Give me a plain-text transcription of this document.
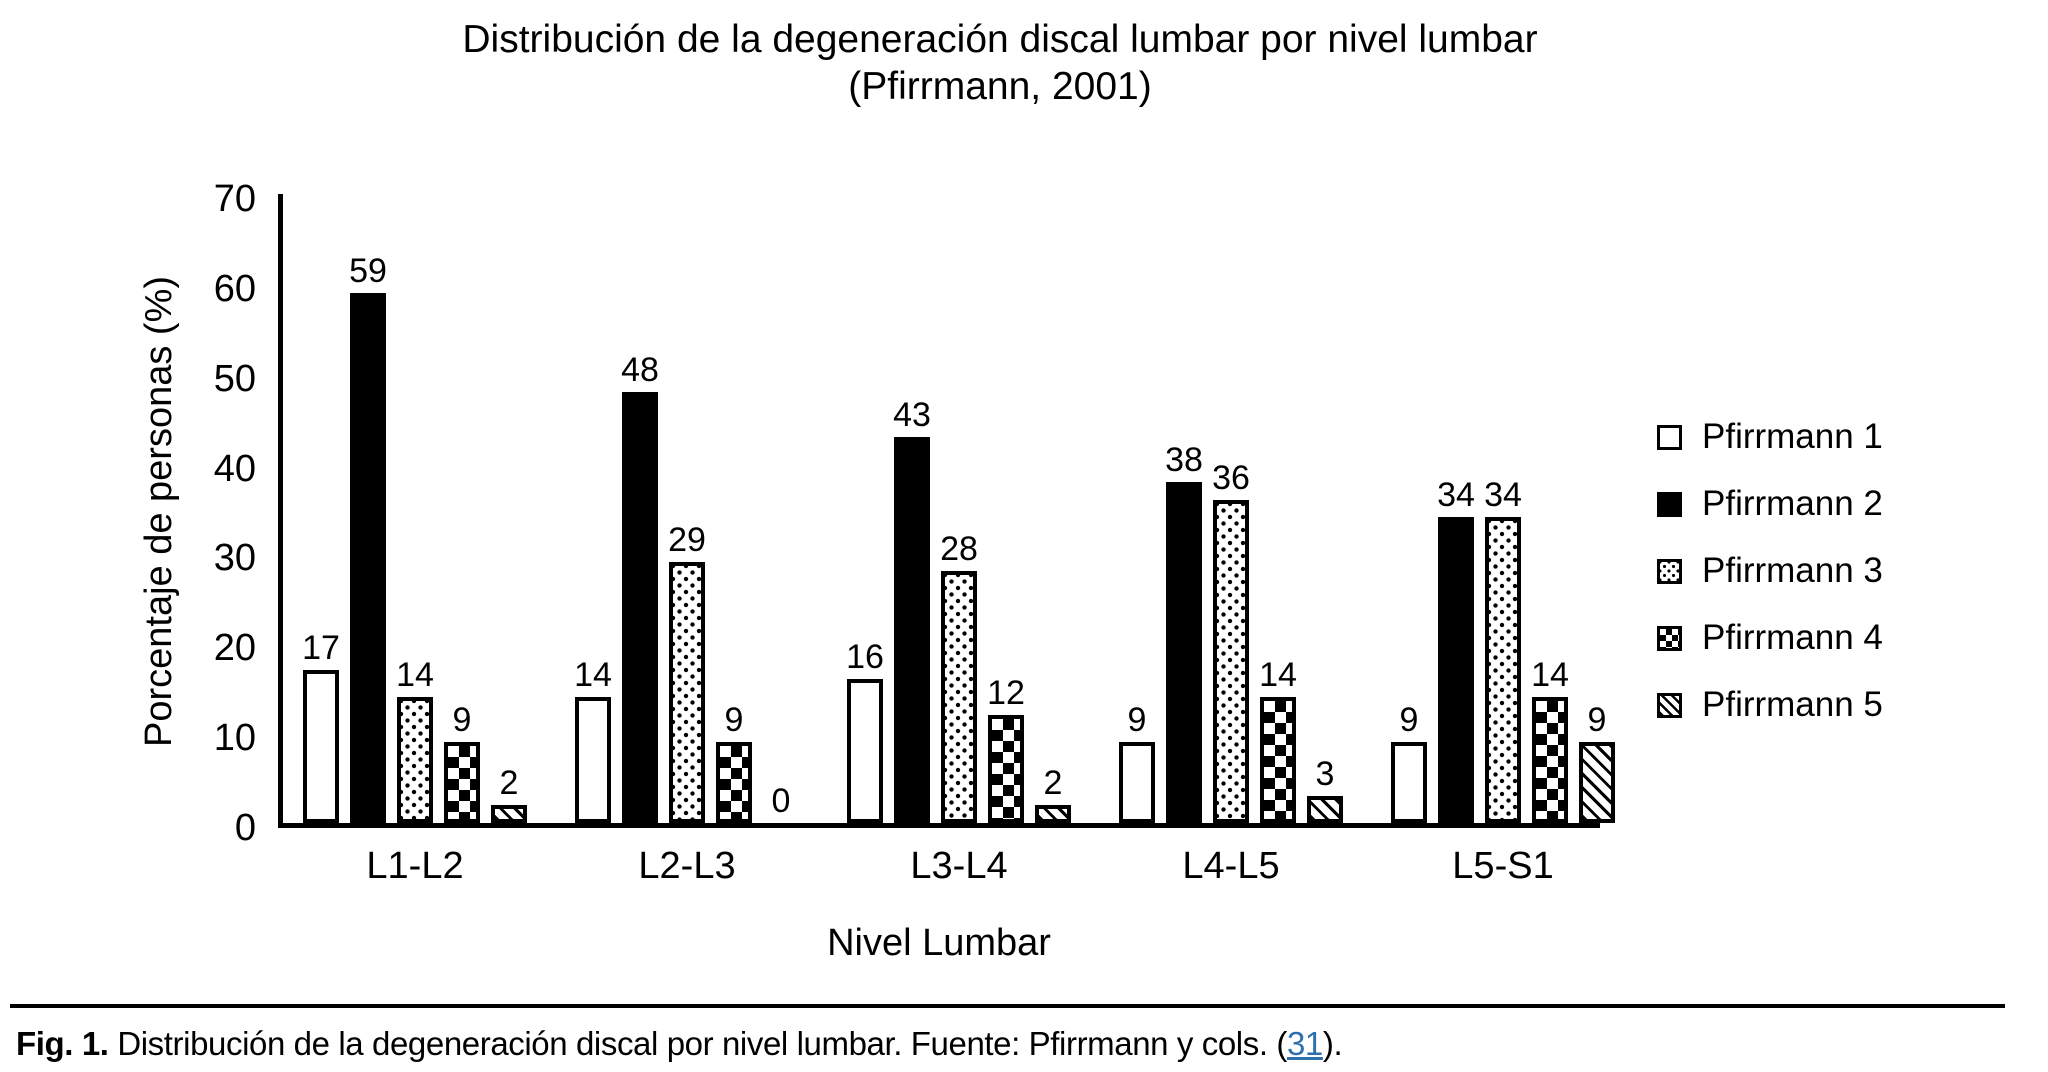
Distribución de la degeneración discal lumbar por nivel lumbar
(Pfirrmann, 2001)
Porcentaje de personas (%)
0
10
20
30
40
50
60
70
17
59
14
9
2
L1-L2
14
48
29
9
0
L2-L3
16
43
28
12
2
L3-L4
9
38 36
14
3
L4-L5
9
34 34
14
9
L5-S1
Nivel Lumbar
Pfirrmann 1
Pfirrmann 2
Pfirrmann 3
Pfirrmann 4
Pfirrmann 5
Fig. 1. Distribución de la degeneración discal por nivel lumbar. Fuente: Pfirrmann y cols. (31).
